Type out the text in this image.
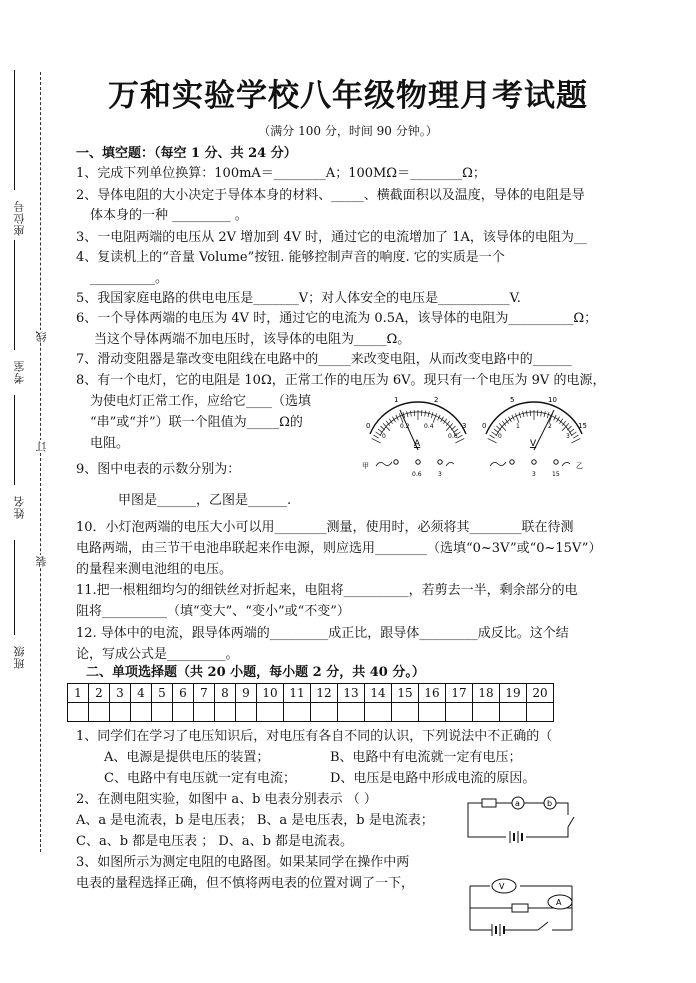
座位号
考室
姓名
班级
线
订
装
万和实验学校八年级物理月考试题
（满分 100 分，时间 90 分钟。）
一、填空题：（每空 1 分、共 24 分）
1、完成下列单位换算：100mA＝________A；100MΩ＝________Ω；
2、导体电阻的大小决定于导体本身的材料、_____、横截面积以及温度，导体的电阻是导
体本身的一种 _________ 。
3、一电阻两端的电压从 2V 增加到 4V 时，通过它的电流增加了 1A，该导体的电阻为__
4、复读机上的“音量 Volume”按钮. 能够控制声音的响度. 它的实质是一个
__________。
5、我国家庭电路的供电电压是_______V；对人体安全的电压是___________V.
6、一个导体两端的电压为 4V 时，通过它的电流为 0.5A，该导体的电阻为__________Ω；
当这个导体两端不加电压时，该导体的电阻为_____Ω。
7、滑动变阻器是靠改变电阻线在电路中的_____来改变电阻，从而改变电路中的______
8、有一个电灯，它的电阻是 10Ω，正常工作的电压为 6V。现只有一个电压为 9V 的电源，
为使电灯正常工作，应给它____（选填
“串”或“并”）联一个阻值为_____Ω的
电阻。
9、图中电表的示数分别为：
甲图是______，乙图是______.
10．小灯泡两端的电压大小可以用________测量，使用时，必须将其________联在待测
电路两端，由三节干电池串联起来作电源，则应选用________（选填“0~3V”或“0~15V”）
的量程来测电池组的电压。
11.把一根粗细均匀的细铁丝对折起来，电阻将__________，若剪去一半，剩余部分的电
阻将__________（填“变大”、“变小”或“不变”）
12. 导体中的电流，跟导体两端的_________成正比，跟导体_________成反比。这个结
论，写成公式是_________。
0
1	2
3
0
0.2 0.4
0.6
A
甲
0.6	3
0
5	10
15
0
1	2
3
V
3	15
乙
二、单项选择题（共 20 小题，每小题 2 分，共 40 分。）
1	2	3	4	5	6	7	8	9	10	11	12	13	14	15	16	17	18	19	20

1、同学们在学习了电压知识后，对电压有各自不同的认识，下列说法中不正确的（
A、电源是提供电压的装置；	B、电路中有电流就一定有电压；
C、电路中有电压就一定有电流；	D、电压是电路中形成电流的原因。
2、在测电阻实验，如图中 a、b 电表分别表示 （ ）
A、a 是电流表，b 是电压表； B、a 是电压表，b 是电流表；
C、a、b 都是电压表 ； D、a、b 都是电流表。
3、如图所示为测定电阻的电路图。如果某同学在操作中两
电表的量程选择正确，但不慎将两电表的位置对调了一下，
a	b
V
A
